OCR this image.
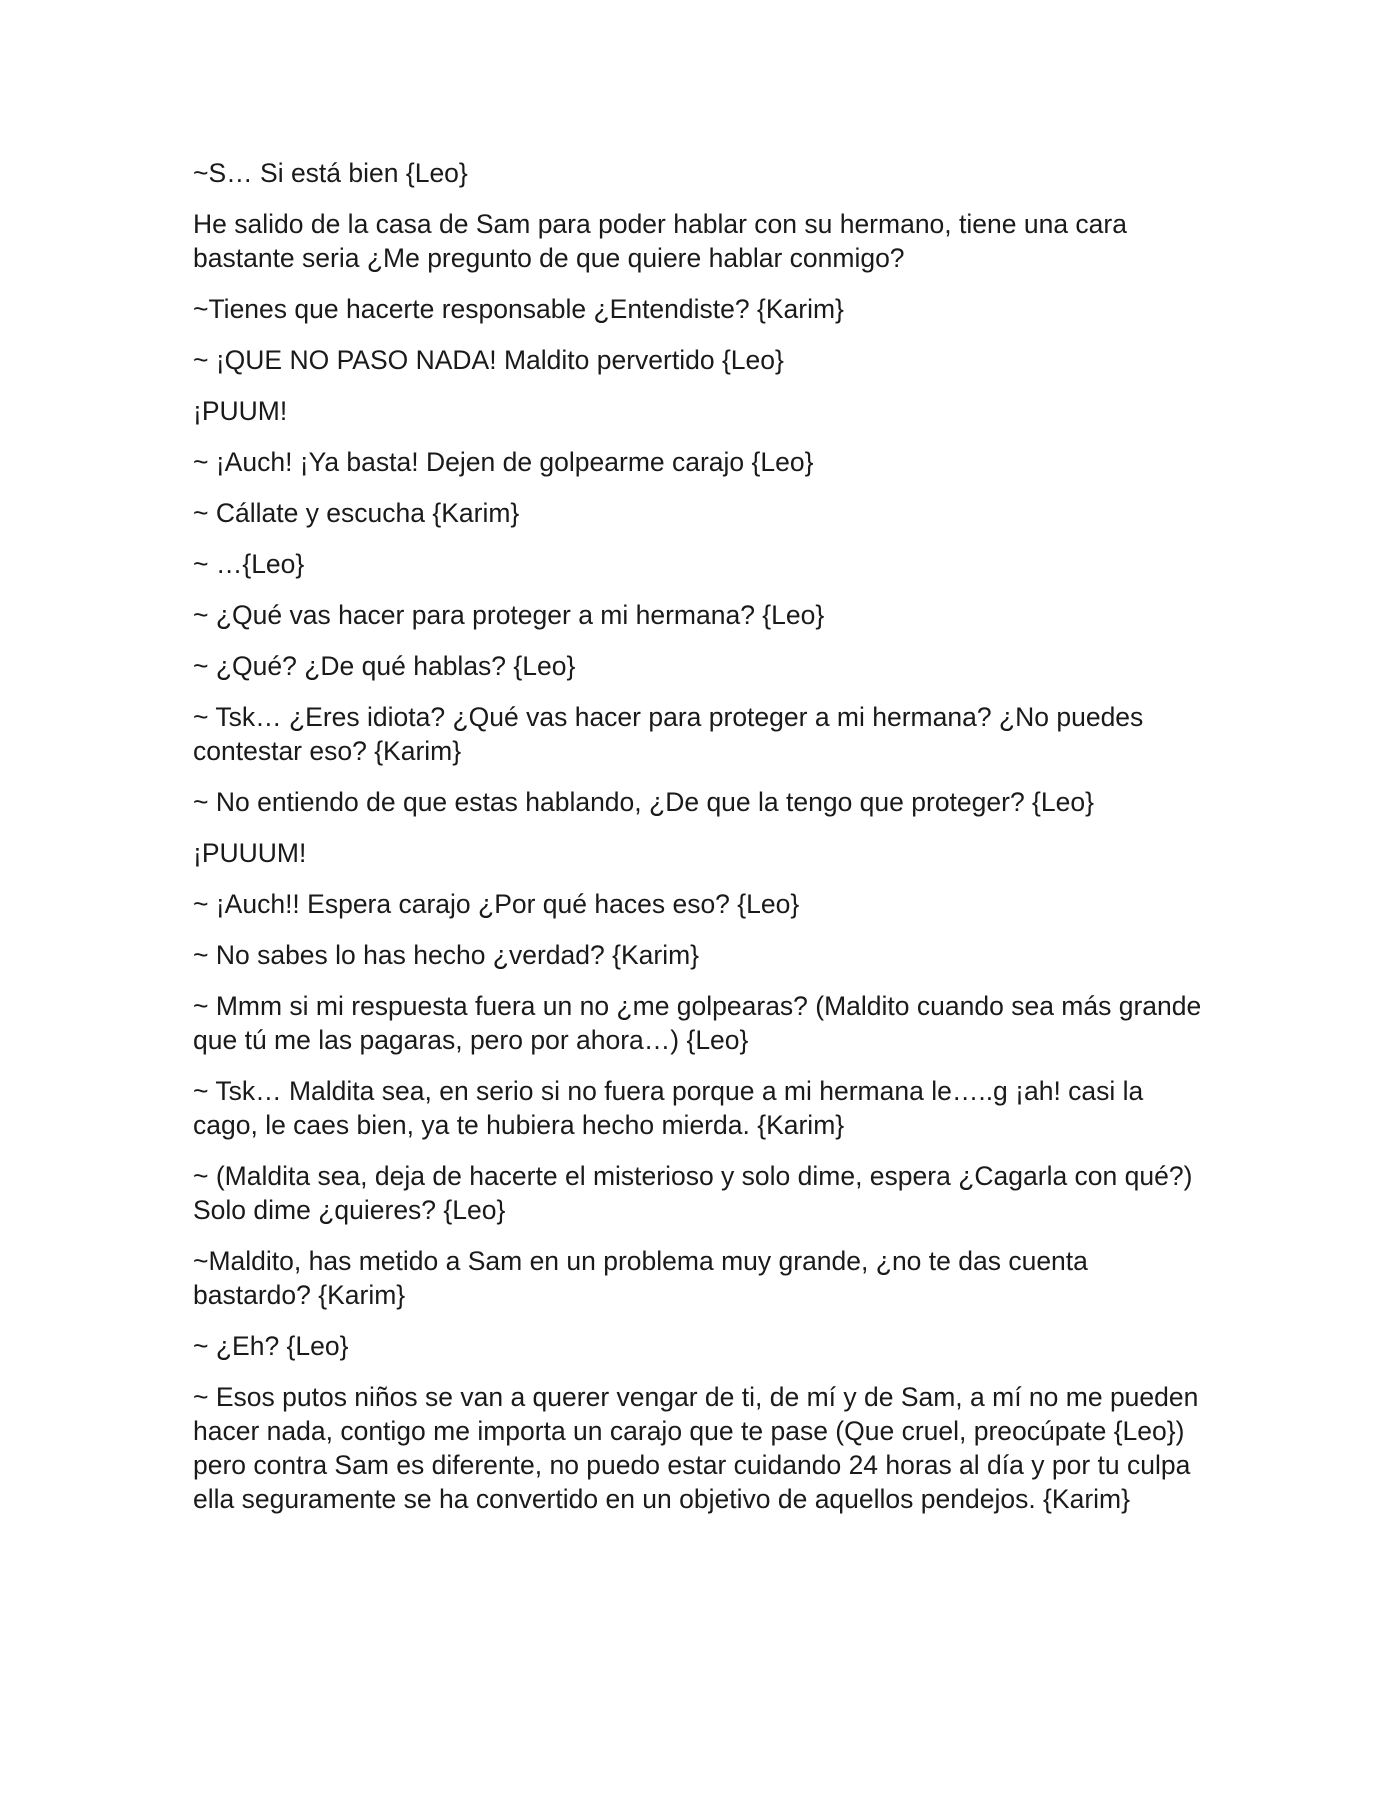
~S… Si está bien {Leo}

He salido de la casa de Sam para poder hablar con su hermano, tiene una cara bastante seria ¿Me pregunto de que quiere hablar conmigo?

~Tienes que hacerte responsable ¿Entendiste? {Karim}

~ ¡QUE NO PASO NADA! Maldito pervertido {Leo}

¡PUUM!

~ ¡Auch! ¡Ya basta! Dejen de golpearme carajo {Leo}

~ Cállate y escucha {Karim}

~ …{Leo}

~ ¿Qué vas hacer para proteger a mi hermana? {Leo}

~ ¿Qué? ¿De qué hablas? {Leo}

~ Tsk… ¿Eres idiota? ¿Qué vas hacer para proteger a mi hermana? ¿No puedes contestar eso? {Karim}

~ No entiendo de que estas hablando, ¿De que la tengo que proteger? {Leo}

¡PUUUM!

~ ¡Auch!! Espera carajo ¿Por qué haces eso? {Leo}

~ No sabes lo has hecho ¿verdad? {Karim}

~ Mmm si mi respuesta fuera un no ¿me golpearas? (Maldito cuando sea más grande que tú me las pagaras, pero por ahora…) {Leo}

~ Tsk… Maldita sea, en serio si no fuera porque a mi hermana le…..g ¡ah! casi la cago, le caes bien, ya te hubiera hecho mierda. {Karim}

~ (Maldita sea, deja de hacerte el misterioso y solo dime, espera ¿Cagarla con qué?) Solo dime ¿quieres? {Leo}

~Maldito, has metido a Sam en un problema muy grande, ¿no te das cuenta bastardo? {Karim}

~ ¿Eh? {Leo}

~ Esos putos niños se van a querer vengar de ti, de mí y de Sam, a mí no me pueden hacer nada, contigo me importa un carajo que te pase (Que cruel, preocúpate {Leo}) pero contra Sam es diferente, no puedo estar cuidando 24 horas al día y por tu culpa ella seguramente se ha convertido en un objetivo de aquellos pendejos. {Karim}
